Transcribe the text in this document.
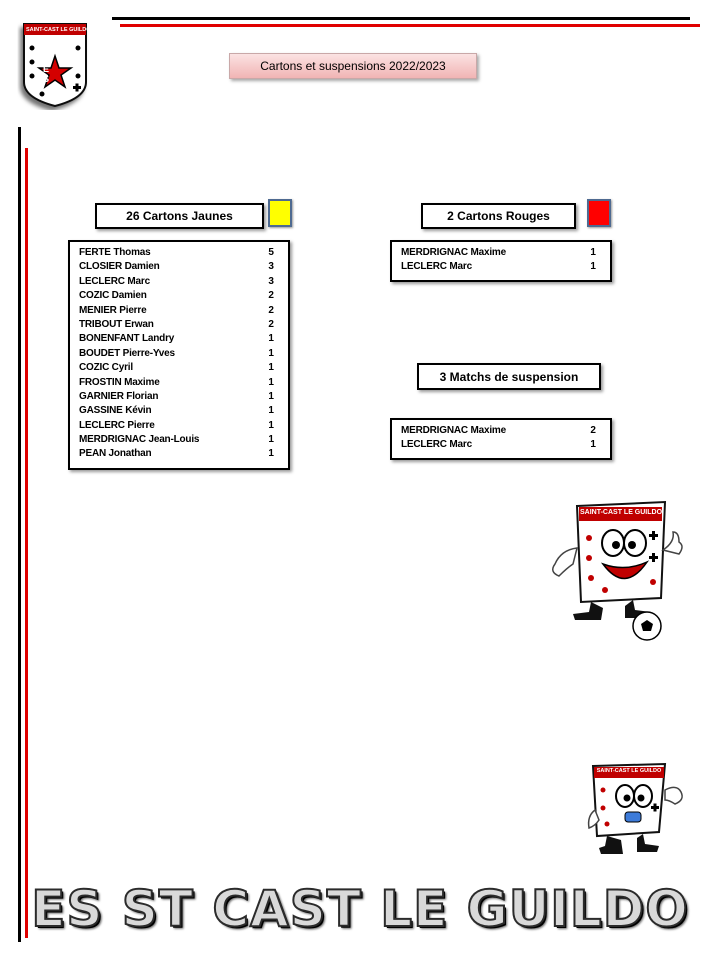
SAINT-CAST LE GUILDO
E S
Cartons et suspensions 2022/2023
26 Cartons Jaunes
FERTE Thomas	5
CLOSIER Damien	3
LECLERC Marc	3
COZIC Damien	2
MENIER Pierre	2
TRIBOUT Erwan	2
BONENFANT Landry	1
BOUDET Pierre-Yves	1
COZIC Cyril	1
FROSTIN Maxime	1
GARNIER Florian	1
GASSINE Kévin	1
LECLERC Pierre	1
MERDRIGNAC Jean-Louis	1
PEAN Jonathan	1
2 Cartons Rouges
MERDRIGNAC Maxime	1
LECLERC Marc	1
3 Matchs de suspension
MERDRIGNAC Maxime	2
LECLERC Marc	1
SAINT-CAST LE GUILDO
SAINT-CAST LE GUILDO
ES ST CAST LE GUILDO
